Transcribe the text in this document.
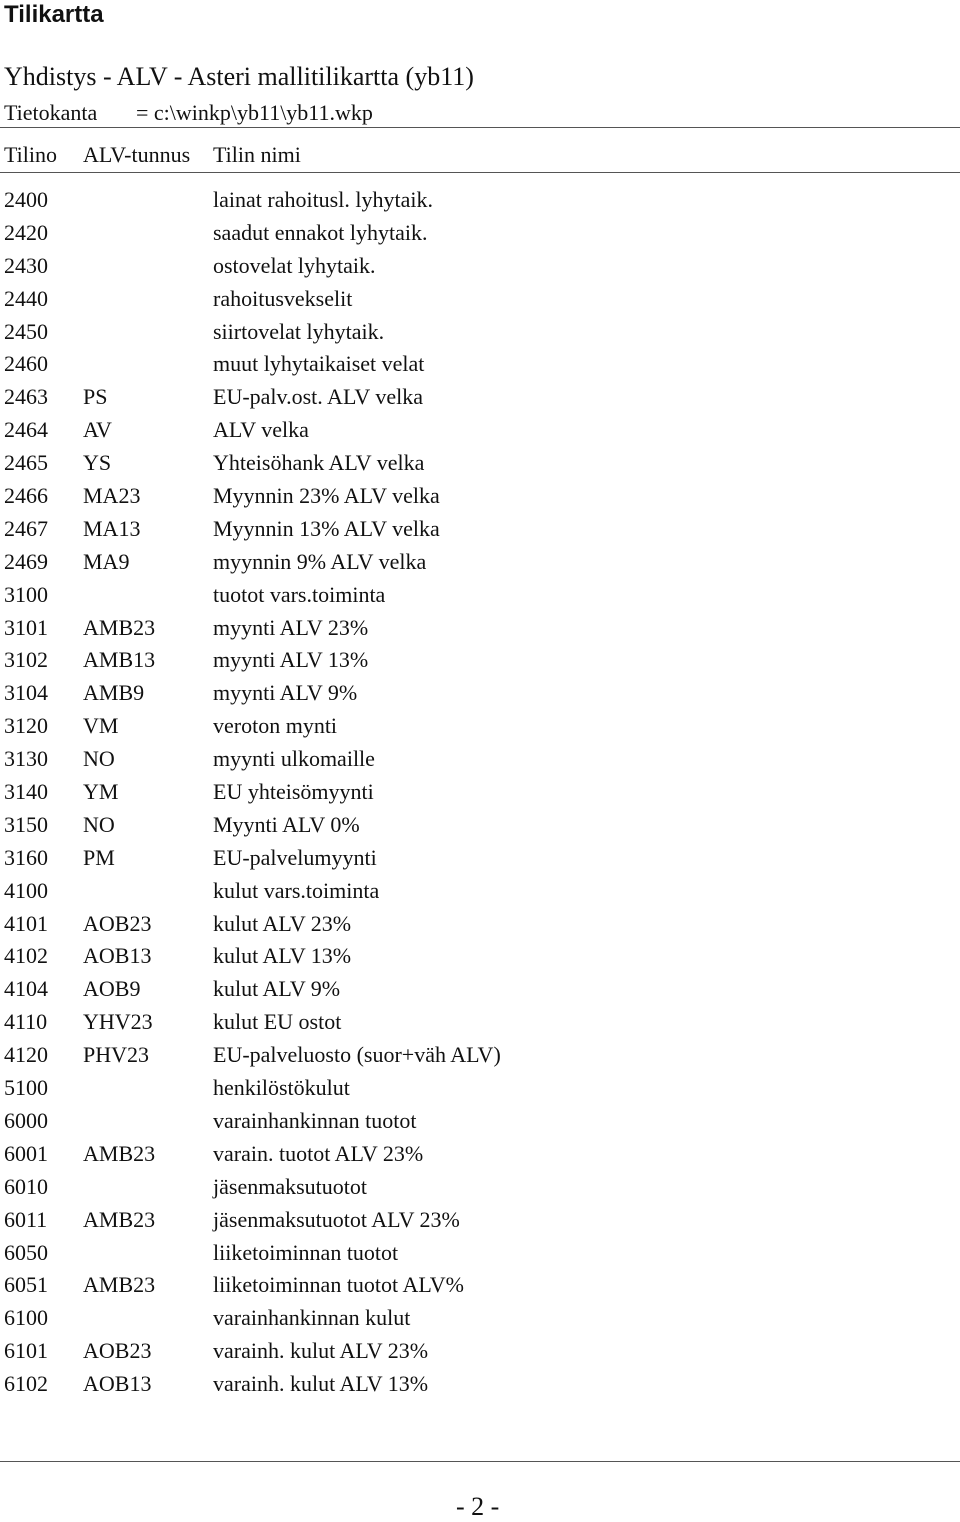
Tilikartta
Yhdistys - ALV - Asteri mallitilikartta (yb11)
Tietokanta = c:\winkp\yb11\yb11.wkp
Tilino ALV-tunnus Tilin nimi
2400	lainat rahoitusl. lyhytaik.
2420	saadut ennakot lyhytaik.
2430	ostovelat lyhytaik.
2440	rahoitusvekselit
2450	siirtovelat lyhytaik.
2460	muut lyhytaikaiset velat
2463 PS	EU-palv.ost. ALV velka
2464 AV	ALV velka
2465 YS	Yhteisöhank ALV velka
2466 MA23	Myynnin 23% ALV velka
2467 MA13	Myynnin 13% ALV velka
2469 MA9	myynnin 9% ALV velka
3100	tuotot vars.toiminta
3101 AMB23	myynti ALV 23%
3102 AMB13	myynti ALV 13%
3104 AMB9	myynti ALV 9%
3120 VM	veroton mynti
3130 NO	myynti ulkomaille
3140 YM	EU yhteisömyynti
3150 NO	Myynti ALV 0%
3160 PM	EU-palvelumyynti
4100	kulut vars.toiminta
4101 AOB23	kulut ALV 23%
4102 AOB13	kulut ALV 13%
4104 AOB9	kulut ALV 9%
4110 YHV23	kulut EU ostot
4120 PHV23	EU-palveluosto (suor+väh ALV)
5100	henkilöstökulut
6000	varainhankinnan tuotot
6001 AMB23	varain. tuotot ALV 23%
6010	jäsenmaksutuotot
6011 AMB23	jäsenmaksutuotot ALV 23%
6050	liiketoiminnan tuotot
6051 AMB23	liiketoiminnan tuotot ALV%
6100	varainhankinnan kulut
6101 AOB23	varainh. kulut ALV 23%
6102 AOB13	varainh. kulut ALV 13%
- 2 -
